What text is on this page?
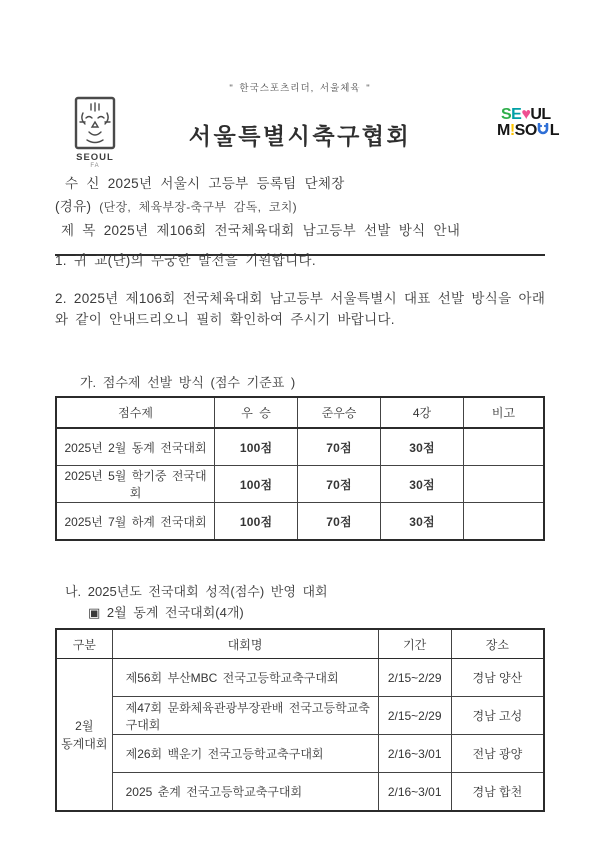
" 한국스포츠리더, 서울체육 "
서울특별시축구협회
SEOUL
FA
SE♥UL
M!SO L
수 신 2025년 서울시 고등부 등록팀 단체장
(경유) (단장, 체육부장-축구부 감독, 코치)
제 목 2025년 제106회 전국체육대회 남고등부 선발 방식 안내
1. 귀 교(단)의 무궁한 발전을 기원합니다.
2. 2025년 제106회 전국체육대회 남고등부 서울특별시 대표 선발 방식을 아래와 같이 안내드리오니 필히 확인하여 주시기 바랍니다.
가. 점수제 선발 방식 (점수 기준표 )
점수제	우 승	준우승	4강	비고
2025년 2월 동계 전국대회	100점	70점	30점	
2025년 5월 학기중 전국대회	100점	70점	30점	
2025년 7월 하계 전국대회	100점	70점	30점	
나. 2025년도 전국대회 성적(점수) 반영 대회
▣ 2월 동계 전국대회(4개)
구분	대회명	기간	장소

2월
동계대회	제56회 부산MBC 전국고등학교축구대회	2/15~2/29	경남 양산
	제47회 문화체육관광부장관배 전국고등학교축구대회	2/15~2/29	경남 고성
	제26회 백운기 전국고등학교축구대회	2/16~3/01	전남 광양
	2025 춘계 전국고등학교축구대회	2/16~3/01	경남 합천
